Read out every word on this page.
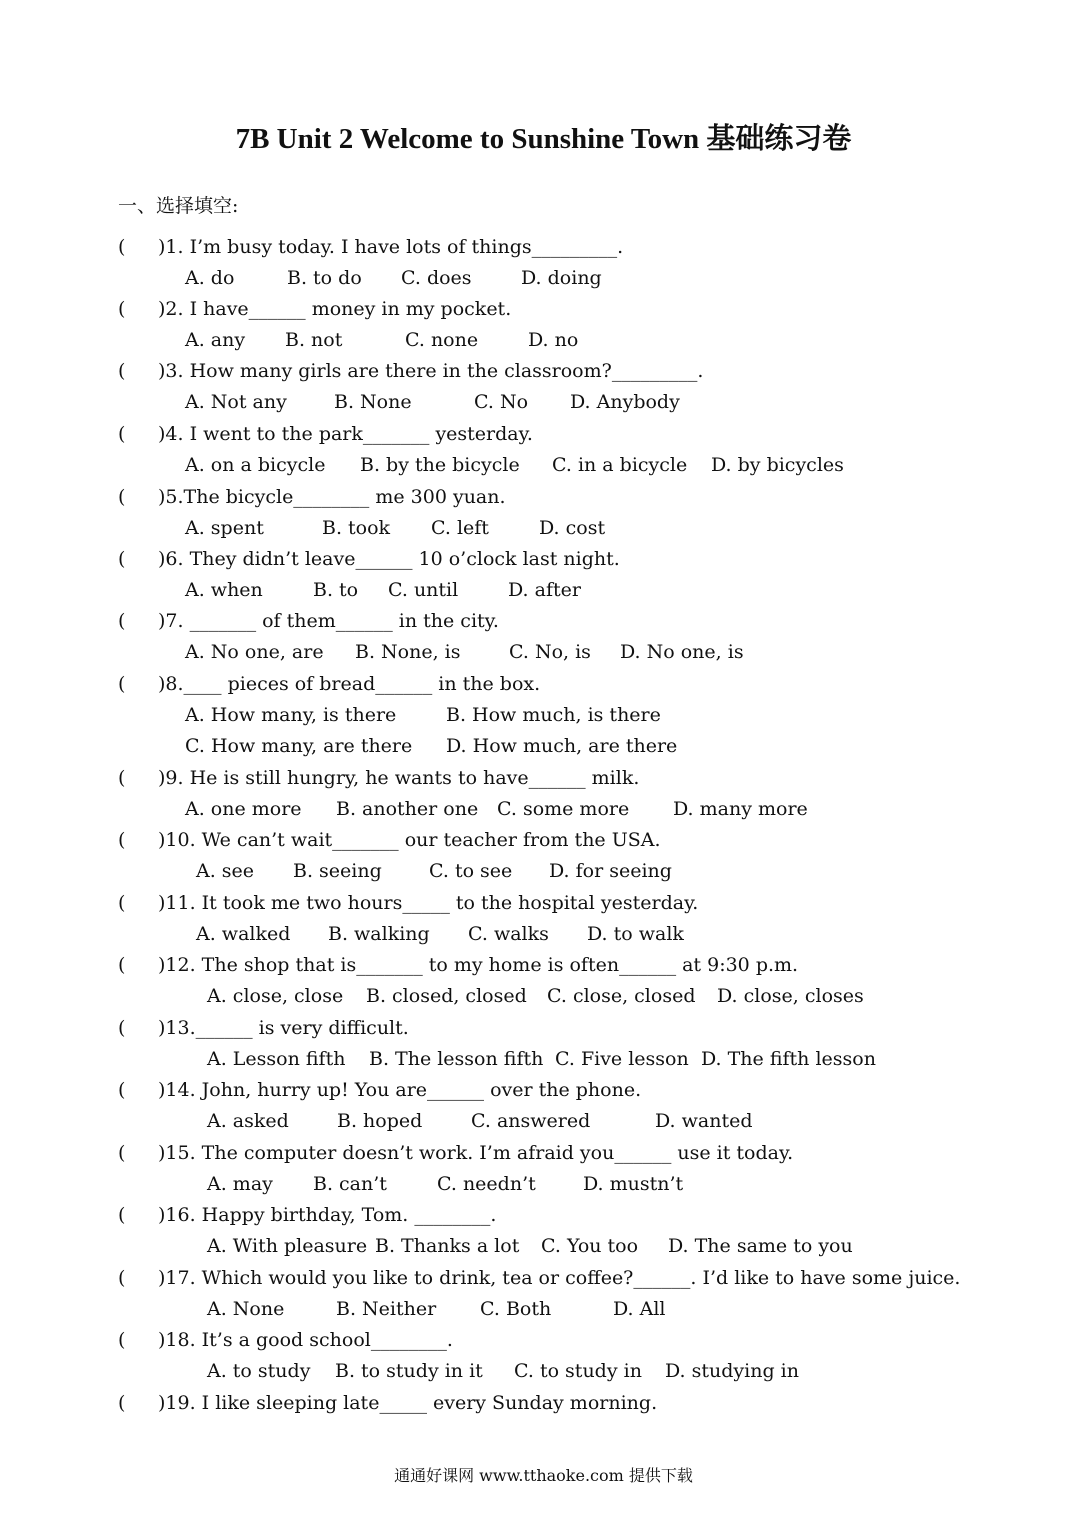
7B Unit 2 Welcome to Sunshine Town 基础练习卷
一、选择填空:
( )1. I’m busy today. I have lots of things_________.
A. do	B. to do C. does	D. doing
( )2. I have______ money in my pocket.
A. any B. not	C. none	D. no
( )3. How many girls are there in the classroom?_________.
A. Not any B. None	C. No D. Anybody
( )4. I went to the park_______ yesterday.
A. on a bicycle B. by the bicycle C. in a bicycle D. by bicycles
( )5.The bicycle________ me 300 yuan.
A. spent	B. took C. left	D. cost
( )6. They didn’t leave______ 10 o’clock last night.
A. when	B. to C. until	D. after
( )7. _______ of them______ in the city.
A. No one, are B. None, is	C. No, is D. No one, is
( )8.____ pieces of bread______ in the box.
A. How many, is there	B. How much, is there
C. How many, are there D. How much, are there
( )9. He is still hungry, he wants to have______ milk.
A. one more B. another one C. some more D. many more
( )10. We can’t wait_______ our teacher from the USA.
A. see B. seeing C. to see D. for seeing
( )11. It took me two hours_____ to the hospital yesterday.
A. walked B. walking C. walks D. to walk
( )12. The shop that is_______ to my home is often______ at 9:30 p.m.
A. close, close B. closed, closed C. close, closed D. close, closes
( )13.______ is very difficult.
A. Lesson fifth B. The lesson fifth C. Five lesson D. The fifth lesson
( )14. John, hurry up! You are______ over the phone.
A. asked	B. hoped	C. answered	D. wanted
( )15. The computer doesn’t work. I’m afraid you______ use it today.
A. may B. can’t	C. needn’t D. mustn’t
( )16. Happy birthday, Tom. ________.
A. With pleasure B. Thanks a lot C. You too D. The same to you
( )17. Which would you like to drink, tea or coffee?______. I’d like to have some juice.
A. None	B. Neither C. Both	D. All
( )18. It’s a good school________.
A. to study B. to study in it C. to study in D. studying in
( )19. I like sleeping late_____ every Sunday morning.
通通好课网 www.tthaoke.com 提供下载
